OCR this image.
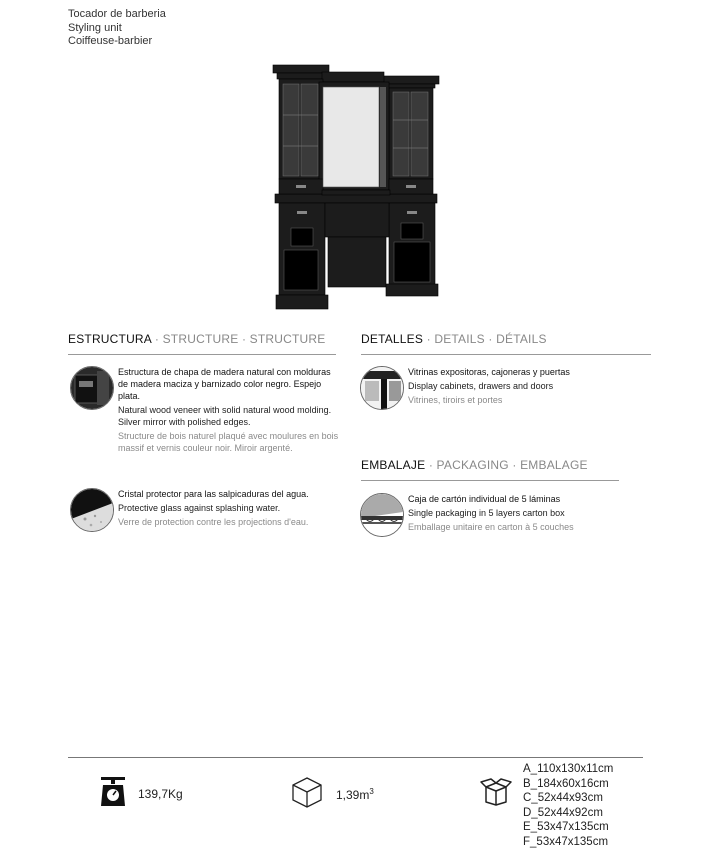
Tocador de barberia
Styling unit
Coiffeuse-barbier
ESTRUCTURA · STRUCTURE · STRUCTURE

Estructura de chapa de madera natural con molduras de madera maciza y barnizado color negro. Espejo plata.

Natural wood veneer with solid natural wood molding. Silver mirror with polished edges.

Structure de bois naturel plaqué avec moulures en bois massif et vernis couleur noir. Miroir argenté.

Cristal protector para las salpicaduras del agua.

Protective glass against splashing water.

Verre de protection contre les projections d'eau.

DETALLES · DETAILS · DÉTAILS

Vitrinas expositoras, cajoneras y puertas

Display cabinets, drawers and doors

Vitrines, tiroirs et portes

EMBALAJE · PACKAGING · EMBALAGE

Caja de cartón individual de 5 láminas

Single packaging in 5 layers carton box

Emballage unitaire en carton à 5 couches

139,7Kg	$1,39m^3$
A_110x130x11cm
B_184x60x16cm
C_52x44x93cm
D_52x44x92cm
E_53x47x135cm
F_53x47x135cm
